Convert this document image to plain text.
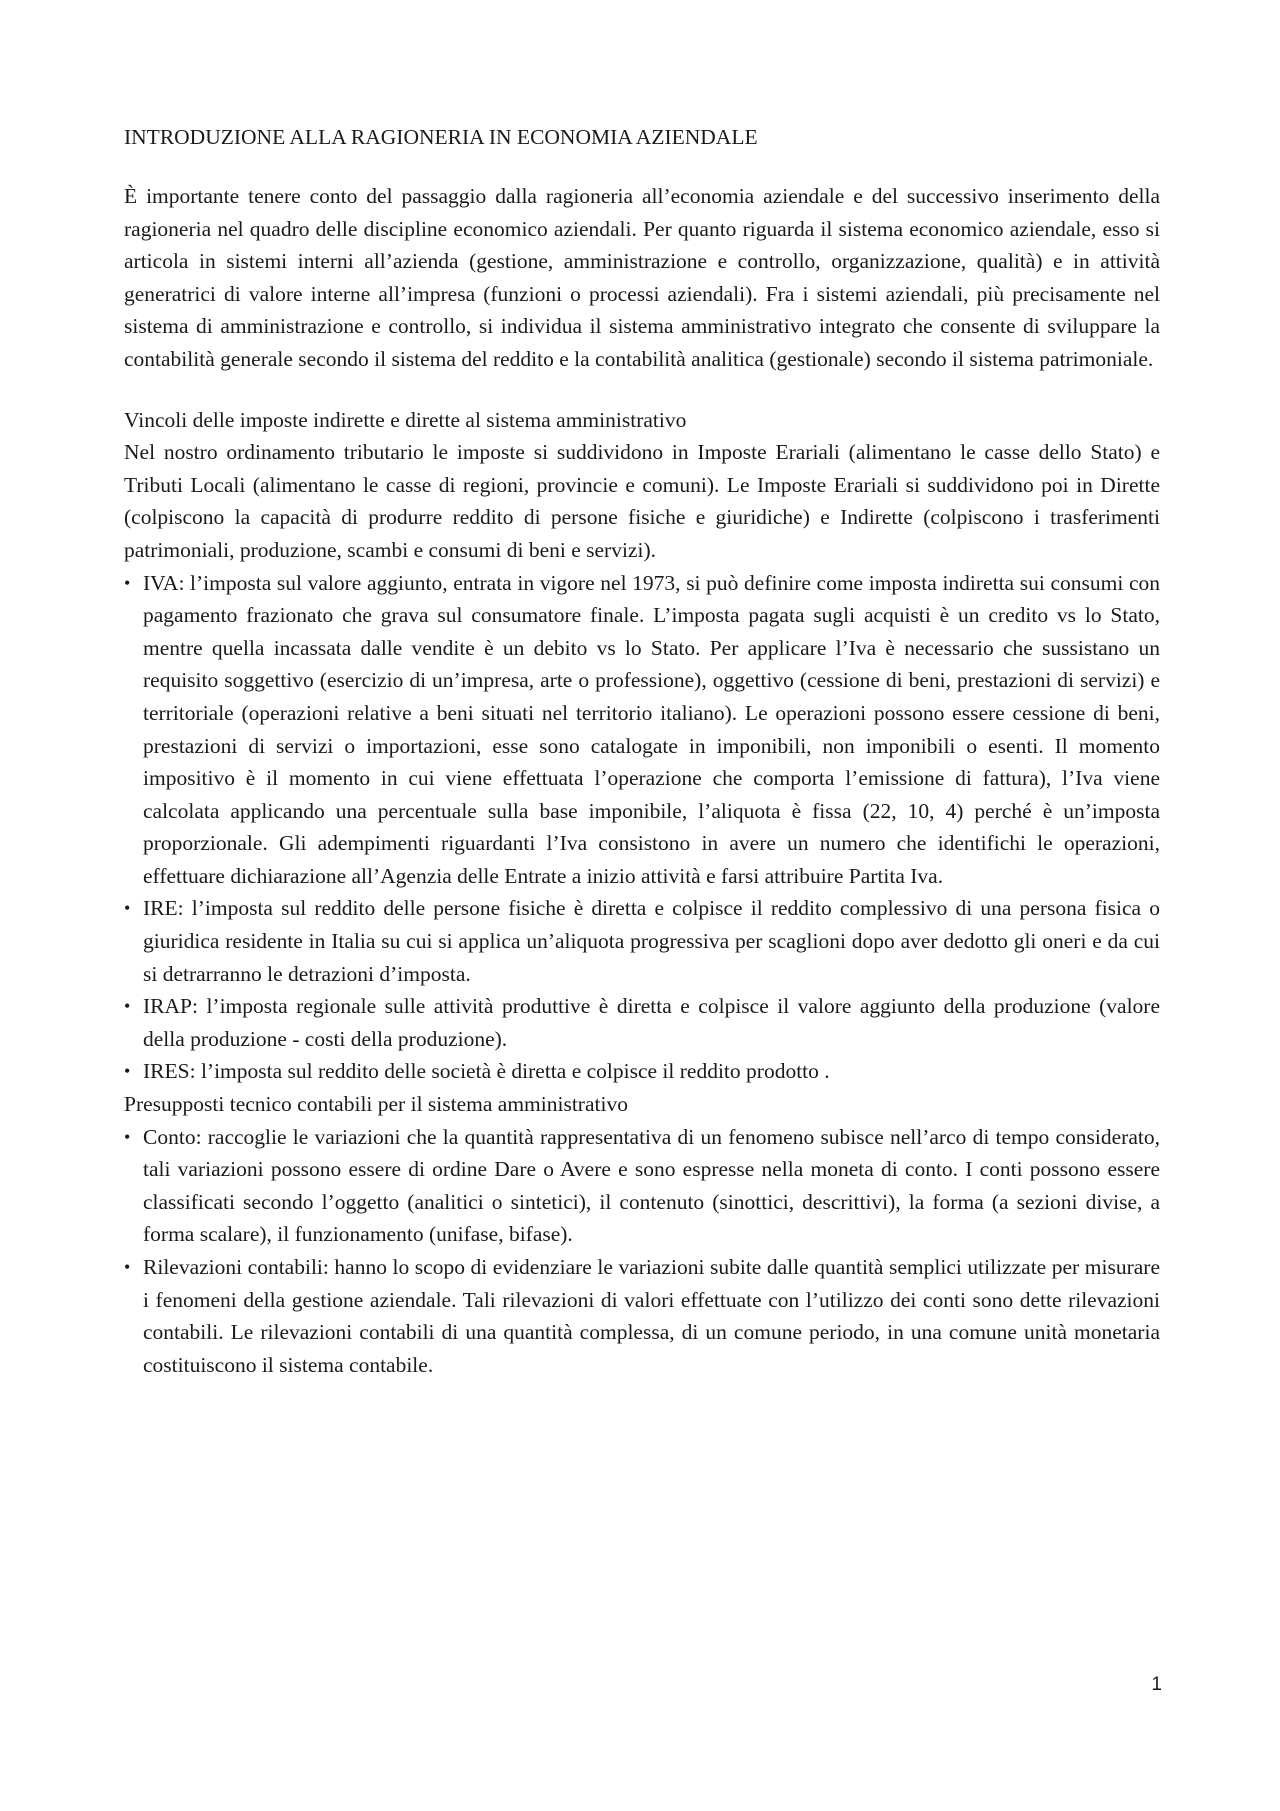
INTRODUZIONE ALLA RAGIONERIA IN ECONOMIA AZIENDALE

È importante tenere conto del passaggio dalla ragioneria all’economia aziendale e del successivo inserimento della ragioneria nel quadro delle discipline economico aziendali. Per quanto riguarda il sistema economico aziendale, esso si articola in sistemi interni all’azienda (gestione, amministrazione e controllo, organizzazione, qualità) e in attività generatrici di valore interne all’impresa (funzioni o processi aziendali). Fra i sistemi aziendali, più precisamente nel sistema di amministrazione e controllo, si individua il sistema amministrativo integrato che consente di sviluppare la contabilità generale secondo il sistema del reddito e la contabilità analitica (gestionale) secondo il sistema patrimoniale.

Vincoli delle imposte indirette e dirette al sistema amministrativo

Nel nostro ordinamento tributario le imposte si suddividono in Imposte Erariali (alimentano le casse dello Stato) e Tributi Locali (alimentano le casse di regioni, provincie e comuni). Le Imposte Erariali si suddividono poi in Dirette (colpiscono la capacità di produrre reddito di persone fisiche e giuridiche) e Indirette (colpiscono i trasferimenti patrimoniali, produzione, scambi e consumi di beni e servizi).

• IVA: l’imposta sul valore aggiunto, entrata in vigore nel 1973, si può definire come imposta indiretta sui consumi con pagamento frazionato che grava sul consumatore finale. L’imposta pagata sugli acquisti è un credito vs lo Stato, mentre quella incassata dalle vendite è un debito vs lo Stato. Per applicare l’Iva è necessario che sussistano un requisito soggettivo (esercizio di un’impresa, arte o professione), oggettivo (cessione di beni, prestazioni di servizi) e territoriale (operazioni relative a beni situati nel territorio italiano). Le operazioni possono essere cessione di beni, prestazioni di servizi o importazioni, esse sono catalogate in imponibili, non imponibili o esenti. Il momento impositivo è il momento in cui viene effettuata l’operazione che comporta l’emissione di fattura), l’Iva viene calcolata applicando una percentuale sulla base imponibile, l’aliquota è fissa (22, 10, 4) perché è un’imposta proporzionale. Gli adempimenti riguardanti l’Iva consistono in avere un numero che identifichi le operazioni, effettuare dichiarazione all’Agenzia delle Entrate a inizio attività e farsi attribuire Partita Iva.
• IRE: l’imposta sul reddito delle persone fisiche è diretta e colpisce il reddito complessivo di una persona fisica o giuridica residente in Italia su cui si applica un’aliquota progressiva per scaglioni dopo aver dedotto gli oneri e da cui si detrarranno le detrazioni d’imposta.
• IRAP: l’imposta regionale sulle attività produttive è diretta e colpisce il valore aggiunto della produzione (valore della produzione - costi della produzione).
• IRES: l’imposta sul reddito delle società è diretta e colpisce il reddito prodotto .
Presupposti tecnico contabili per il sistema amministrativo
• Conto: raccoglie le variazioni che la quantità rappresentativa di un fenomeno subisce nell’arco di tempo considerato, tali variazioni possono essere di ordine Dare o Avere e sono espresse nella moneta di conto. I conti possono essere classificati secondo l’oggetto (analitici o sintetici), il contenuto (sinottici, descrittivi), la forma (a sezioni divise, a forma scalare), il funzionamento (unifase, bifase).
• Rilevazioni contabili: hanno lo scopo di evidenziare le variazioni subite dalle quantità semplici utilizzate per misurare i fenomeni della gestione aziendale. Tali rilevazioni di valori effettuate con l’utilizzo dei conti sono dette rilevazioni contabili. Le rilevazioni contabili di una quantità complessa, di un comune periodo, in una comune unità monetaria costituiscono il sistema contabile.
1
